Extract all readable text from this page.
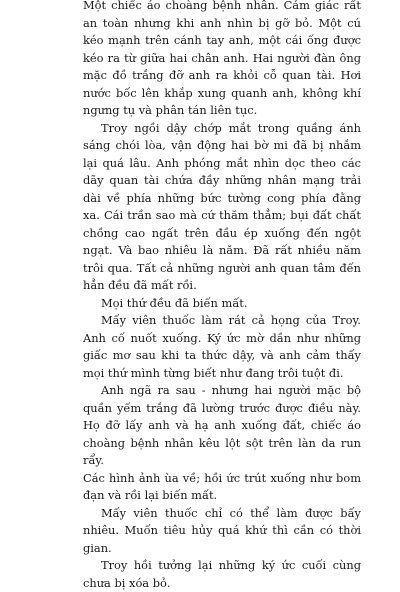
Một chiếc áo choàng bệnh nhân. Cảm giác rất an toàn nhưng khi anh nhìn bị gỡ bỏ. Một cú kéo mạnh trên cánh tay anh, một cái ống được kéo ra từ giữa hai chân anh. Hai người đàn ông mặc đồ trắng đỡ anh ra khỏi cỗ quan tài. Hơi nước bốc lên khắp xung quanh anh, không khí ngưng tụ và phân tán liên tục.

Troy ngồi dậy chớp mắt trong quầng ánh sáng chói lòa, vận động hai bờ mi đã bị nhắm lại quá lâu. Anh phóng mắt nhìn dọc theo các dãy quan tài chứa đầy những nhân mạng trải dài về phía những bức tường cong phía đằng xa. Cái trần sao mà cứ thăm thẳm; bụi đất chất chồng cao ngất trên đầu ép xuống đến ngột ngạt. Và bao nhiêu là năm. Đã rất nhiều năm trôi qua. Tất cả những người anh quan tâm đến hẳn đều đã mất rồi.

Mọi thứ đều đã biến mất.

Mấy viên thuốc làm rát cả họng của Troy. Anh cố nuốt xuống. Ký ức mờ dần như những giấc mơ sau khi ta thức dậy, và anh cảm thấy mọi thứ mình từng biết như đang trôi tuột đi.

Anh ngã ra sau - nhưng hai người mặc bộ quần yếm trắng đã lường trước được điều này. Họ đỡ lấy anh và hạ anh xuống đất, chiếc áo choàng bệnh nhân kêu lột sột trên làn da run rẩy.

Các hình ảnh ùa về; hồi ức trút xuống như bom đạn và rồi lại biến mất.

Mấy viên thuốc chỉ có thể làm được bấy nhiêu. Muốn tiêu hủy quá khứ thì cần có thời gian.

Troy hồi tưởng lại những ký ức cuối cùng chưa bị xóa bỏ.
